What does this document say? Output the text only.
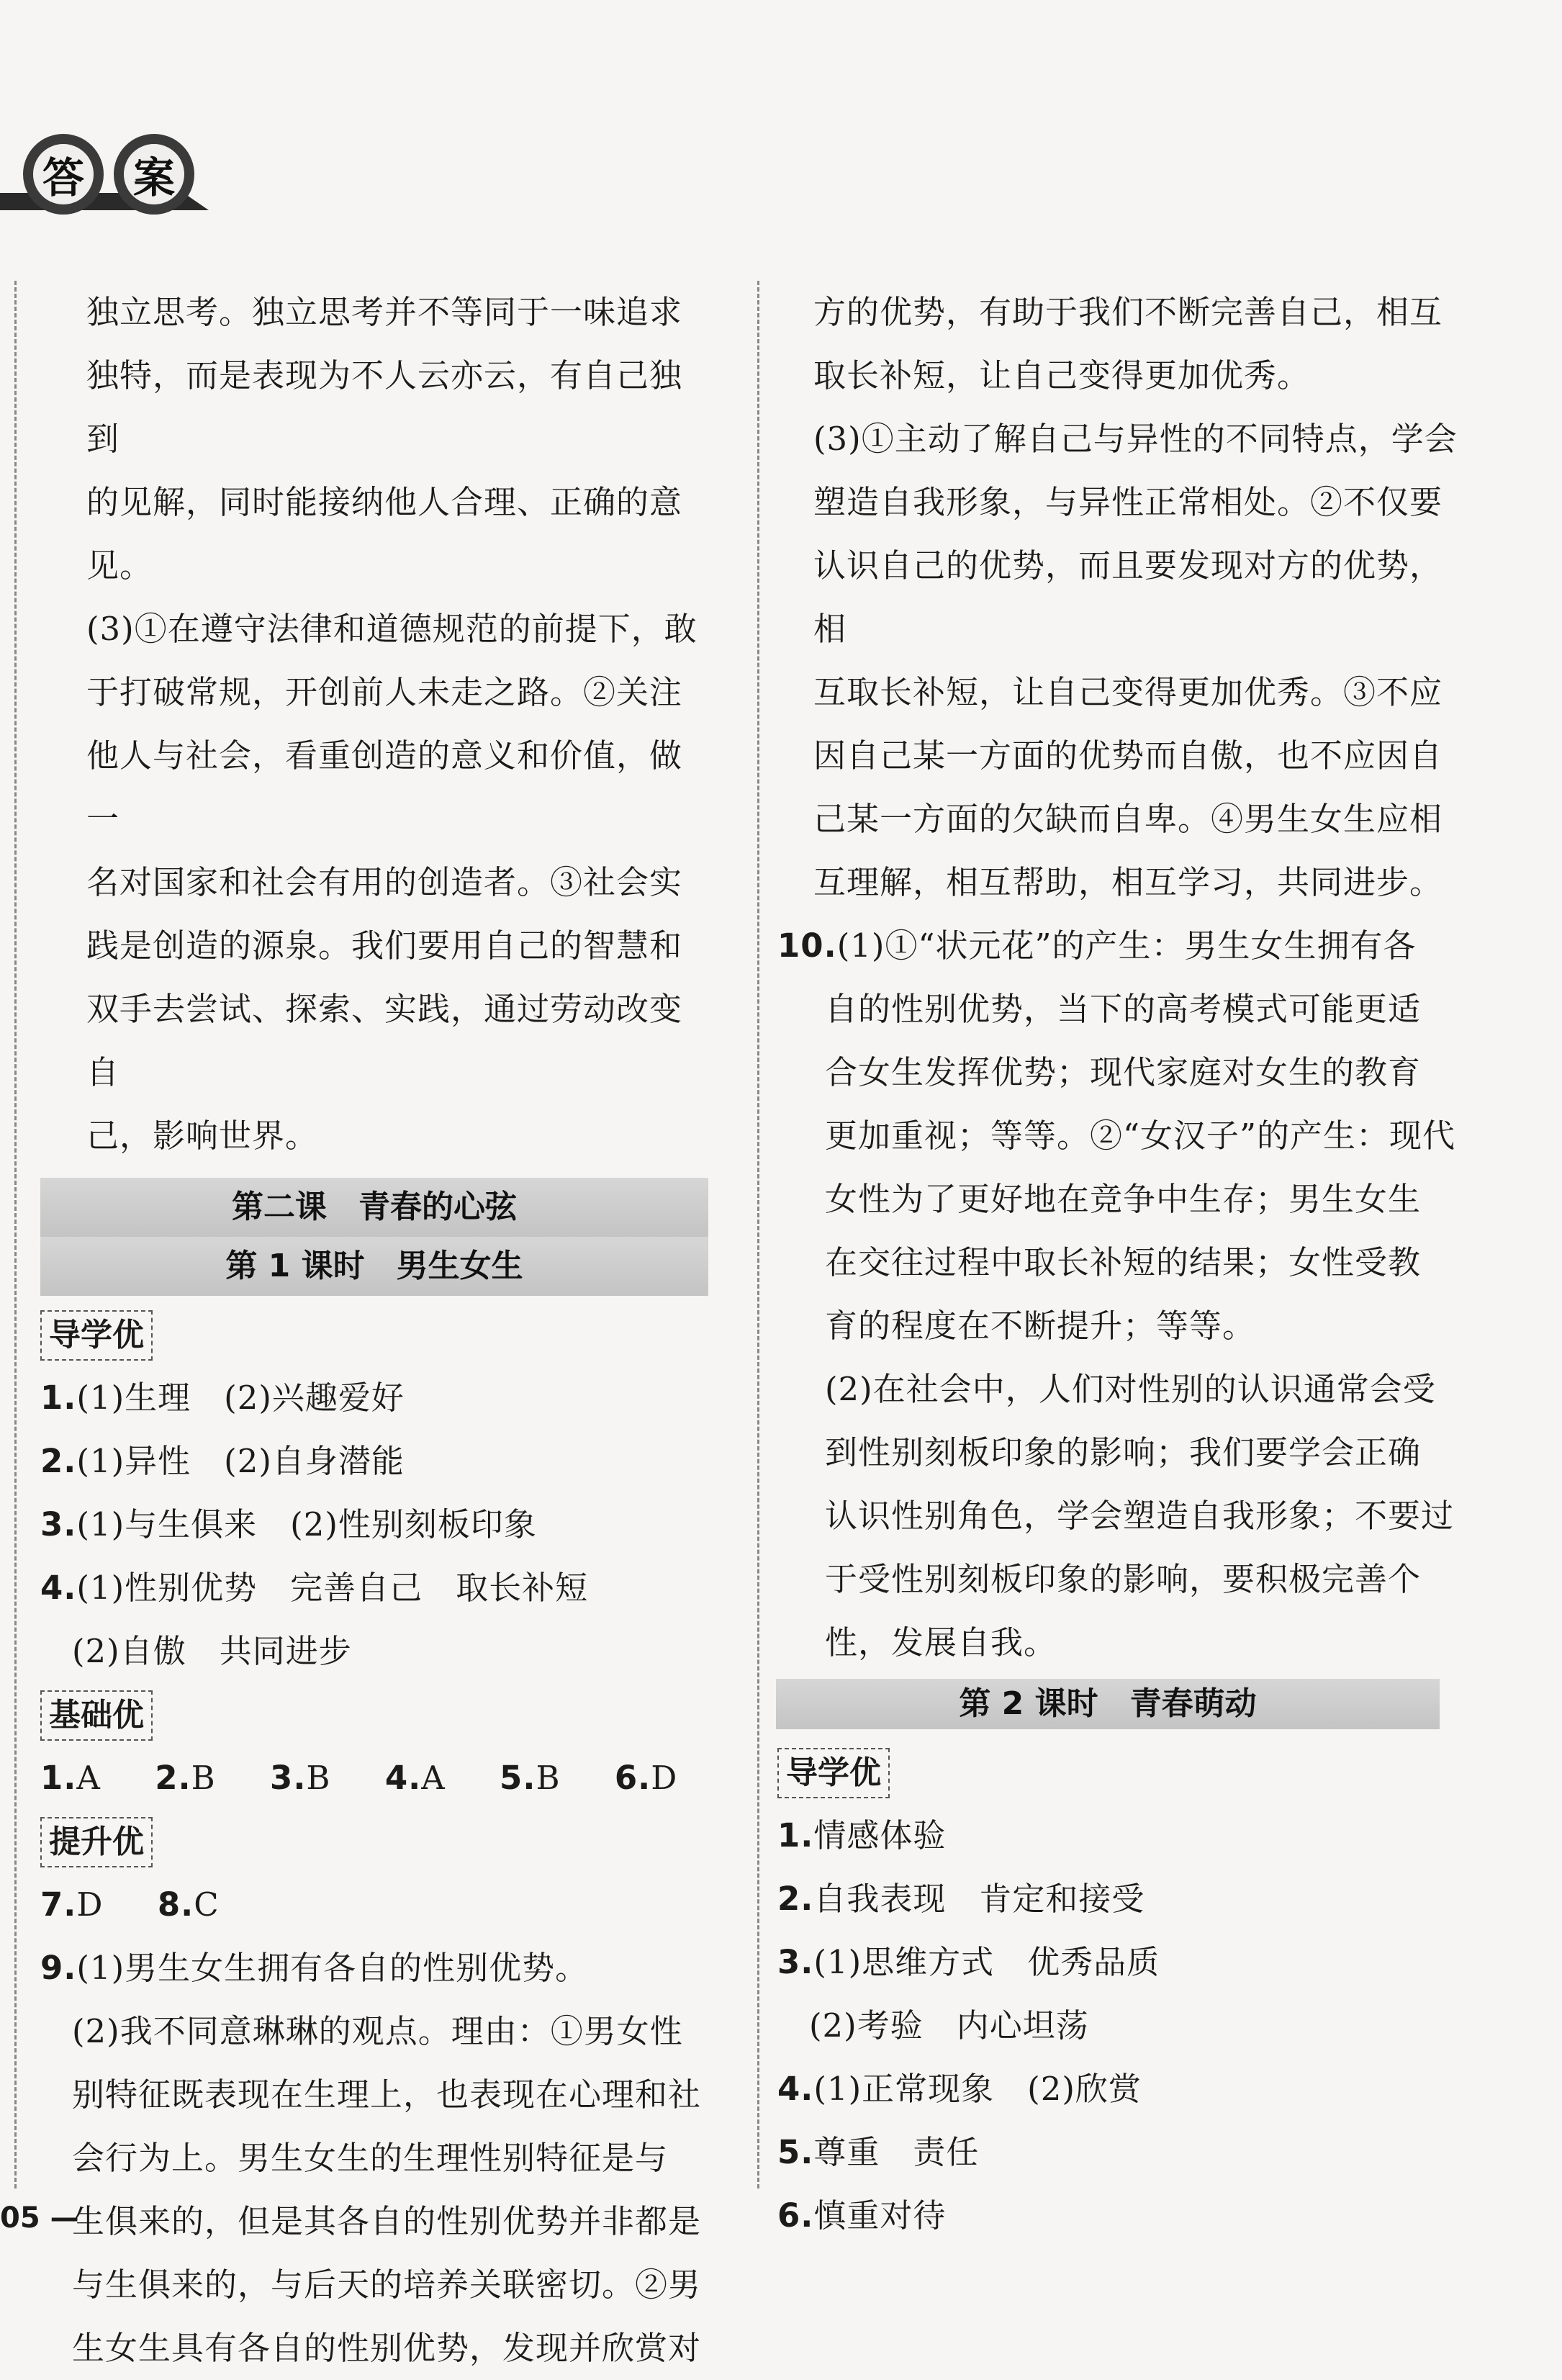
答	案

独立思考。独立思考并不等同于一味追求

独特，而是表现为不人云亦云，有自己独到

的见解，同时能接纳他人合理、正确的意见。

(3)①在遵守法律和道德规范的前提下，敢

于打破常规，开创前人未走之路。②关注

他人与社会，看重创造的意义和价值，做一

名对国家和社会有用的创造者。③社会实

践是创造的源泉。我们要用自己的智慧和

双手去尝试、探索、实践，通过劳动改变自

己，影响世界。

第二课　青春的心弦
第 1 课时　男生女生
导学优

1.(1)生理　(2)兴趣爱好

2.(1)异性　(2)自身潜能

3.(1)与生俱来　(2)性别刻板印象

4.(1)性别优势　完善自己　取长补短

(2)自傲　共同进步

基础优

1.A 2.B 3.B 4.A 5.B 6.D

提升优

7.D 8.C

9.(1)男生女生拥有各自的性别优势。

(2)我不同意琳琳的观点。理由：①男女性

别特征既表现在生理上，也表现在心理和社

会行为上。男生女生的生理性别特征是与

生俱来的，但是其各自的性别优势并非都是

与生俱来的，与后天的培养关联密切。②男

生女生具有各自的性别优势，发现并欣赏对

方的优势，有助于我们不断完善自己，相互

取长补短，让自己变得更加优秀。

(3)①主动了解自己与异性的不同特点，学会

塑造自我形象，与异性正常相处。②不仅要

认识自己的优势，而且要发现对方的优势，相

互取长补短，让自己变得更加优秀。③不应

因自己某一方面的优势而自傲，也不应因自

己某一方面的欠缺而自卑。④男生女生应相

互理解，相互帮助，相互学习，共同进步。

10.(1)①“状元花”的产生：男生女生拥有各

自的性别优势，当下的高考模式可能更适

合女生发挥优势；现代家庭对女生的教育

更加重视；等等。②“女汉子”的产生：现代

女性为了更好地在竞争中生存；男生女生

在交往过程中取长补短的结果；女性受教

育的程度在不断提升；等等。

(2)在社会中，人们对性别的认识通常会受

到性别刻板印象的影响；我们要学会正确

认识性别角色，学会塑造自我形象；不要过

于受性别刻板印象的影响，要积极完善个

性，发展自我。

第 2 课时　青春萌动
导学优

1.情感体验

2.自我表现　肯定和接受

3.(1)思维方式　优秀品质

(2)考验　内心坦荡

4.(1)正常现象　(2)欣赏

5.尊重　责任

6.慎重对待

05 —
